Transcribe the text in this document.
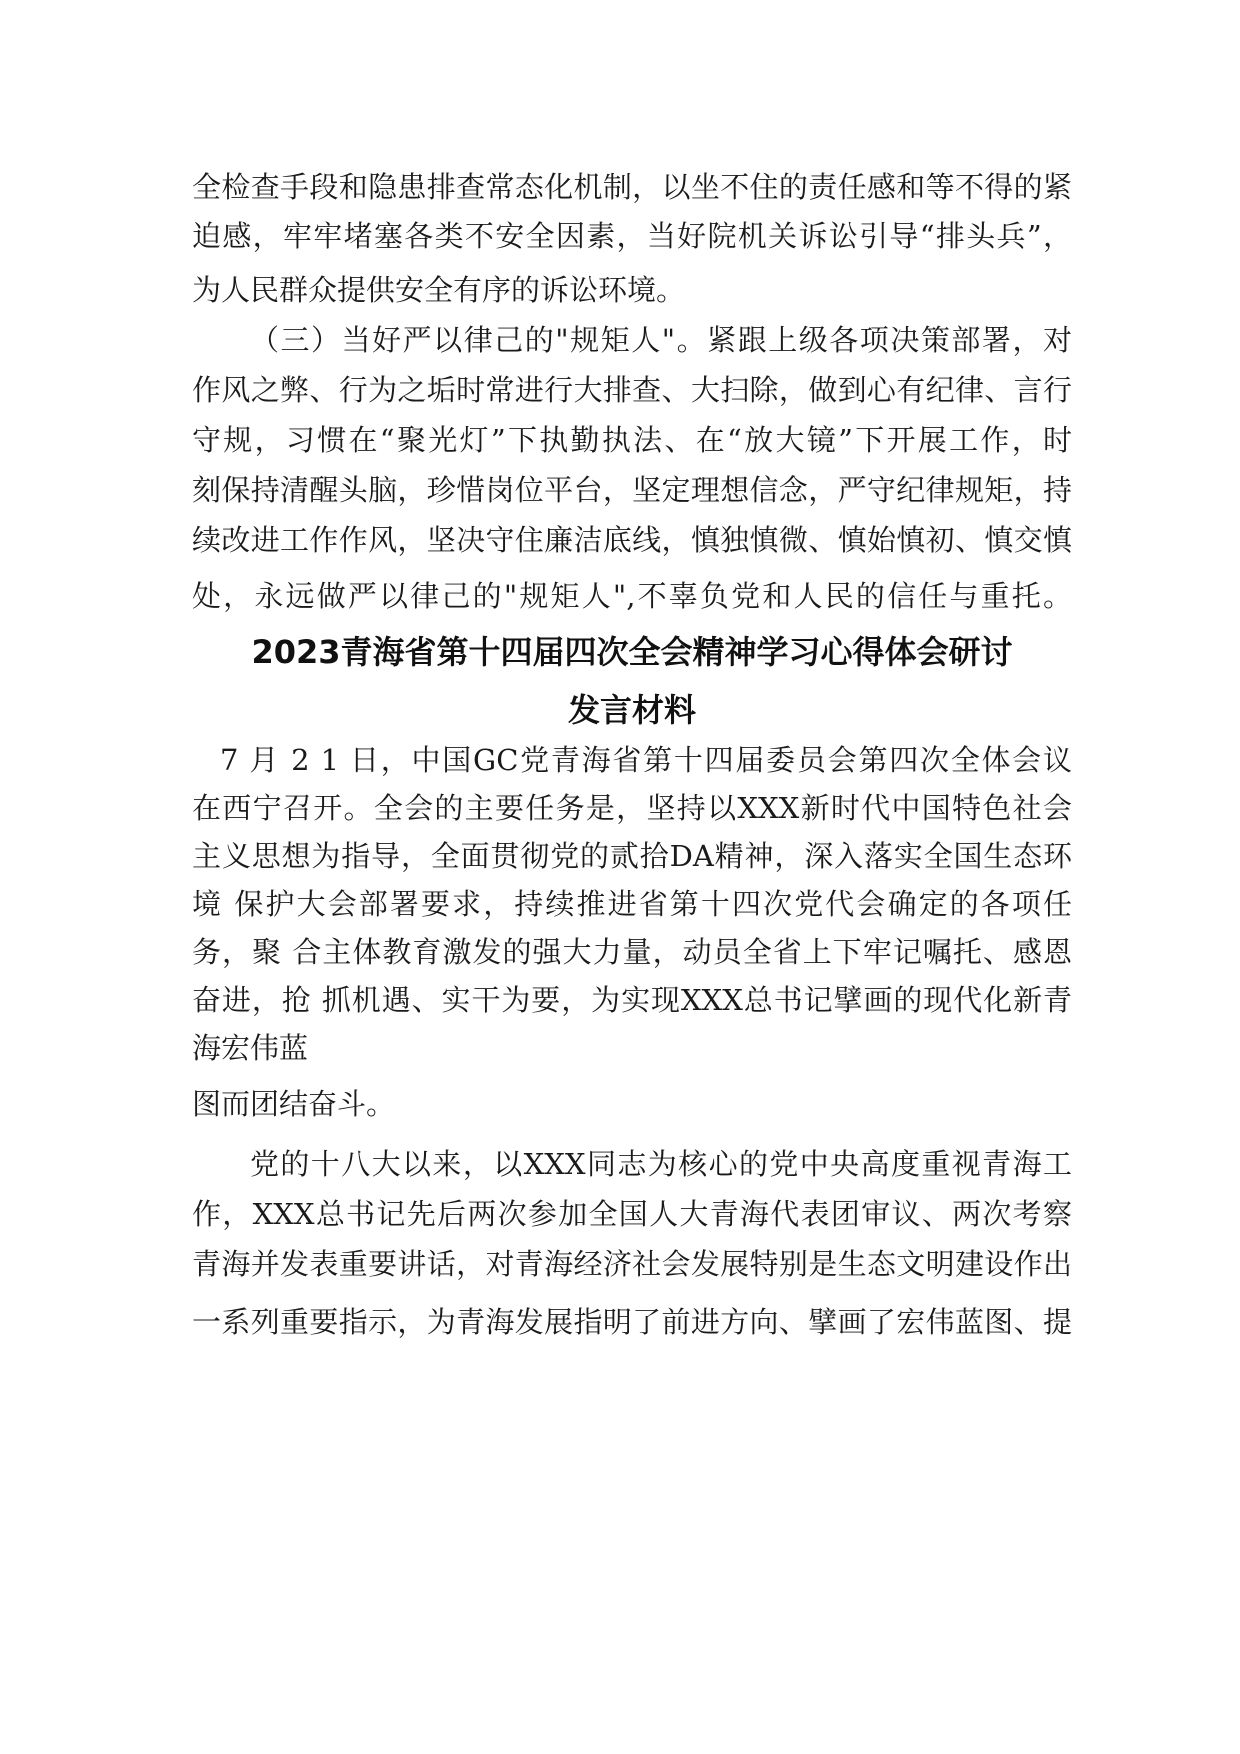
全检查手段和隐患排查常态化机制，以坐不住的责任感和等不得的紧
迫感，牢牢堵塞各类不安全因素，当好院机关诉讼引导“排头兵”，
为人民群众提供安全有序的诉讼环境。
（三）当好严以律己的"规矩人"。紧跟上级各项决策部署，对
作风之弊、行为之垢时常进行大排查、大扫除，做到心有纪律、言行
守规，习惯在“聚光灯”下执勤执法、在“放大镜”下开展工作，时
刻保持清醒头脑，珍惜岗位平台，坚定理想信念，严守纪律规矩，持
续改进工作作风，坚决守住廉洁底线，慎独慎微、慎始慎初、慎交慎
处，永远做严以律己的"规矩人",不辜负党和人民的信任与重托。
2023青海省第十四届四次全会精神学习心得体会研讨
发言材料
7 月 2 1 日，中国GC党青海省第十四届委员会第四次全体会议
在西宁召开。全会的主要任务是，坚持以XXX新时代中国特色社会
主义思想为指导，全面贯彻党的贰拾DA精神，深入落实全国生态环
境 保护大会部署要求，持续推进省第十四次党代会确定的各项任
务，聚 合主体教育激发的强大力量，动员全省上下牢记嘱托、感恩
奋进，抢 抓机遇、实干为要，为实现XXX总书记擘画的现代化新青
海宏伟蓝
图而团结奋斗。
党的十八大以来，以XXX同志为核心的党中央高度重视青海工
作，XXX总书记先后两次参加全国人大青海代表团审议、两次考察
青海并发表重要讲话，对青海经济社会发展特别是生态文明建设作出
一系列重要指示，为青海发展指明了前进方向、擘画了宏伟蓝图、提
